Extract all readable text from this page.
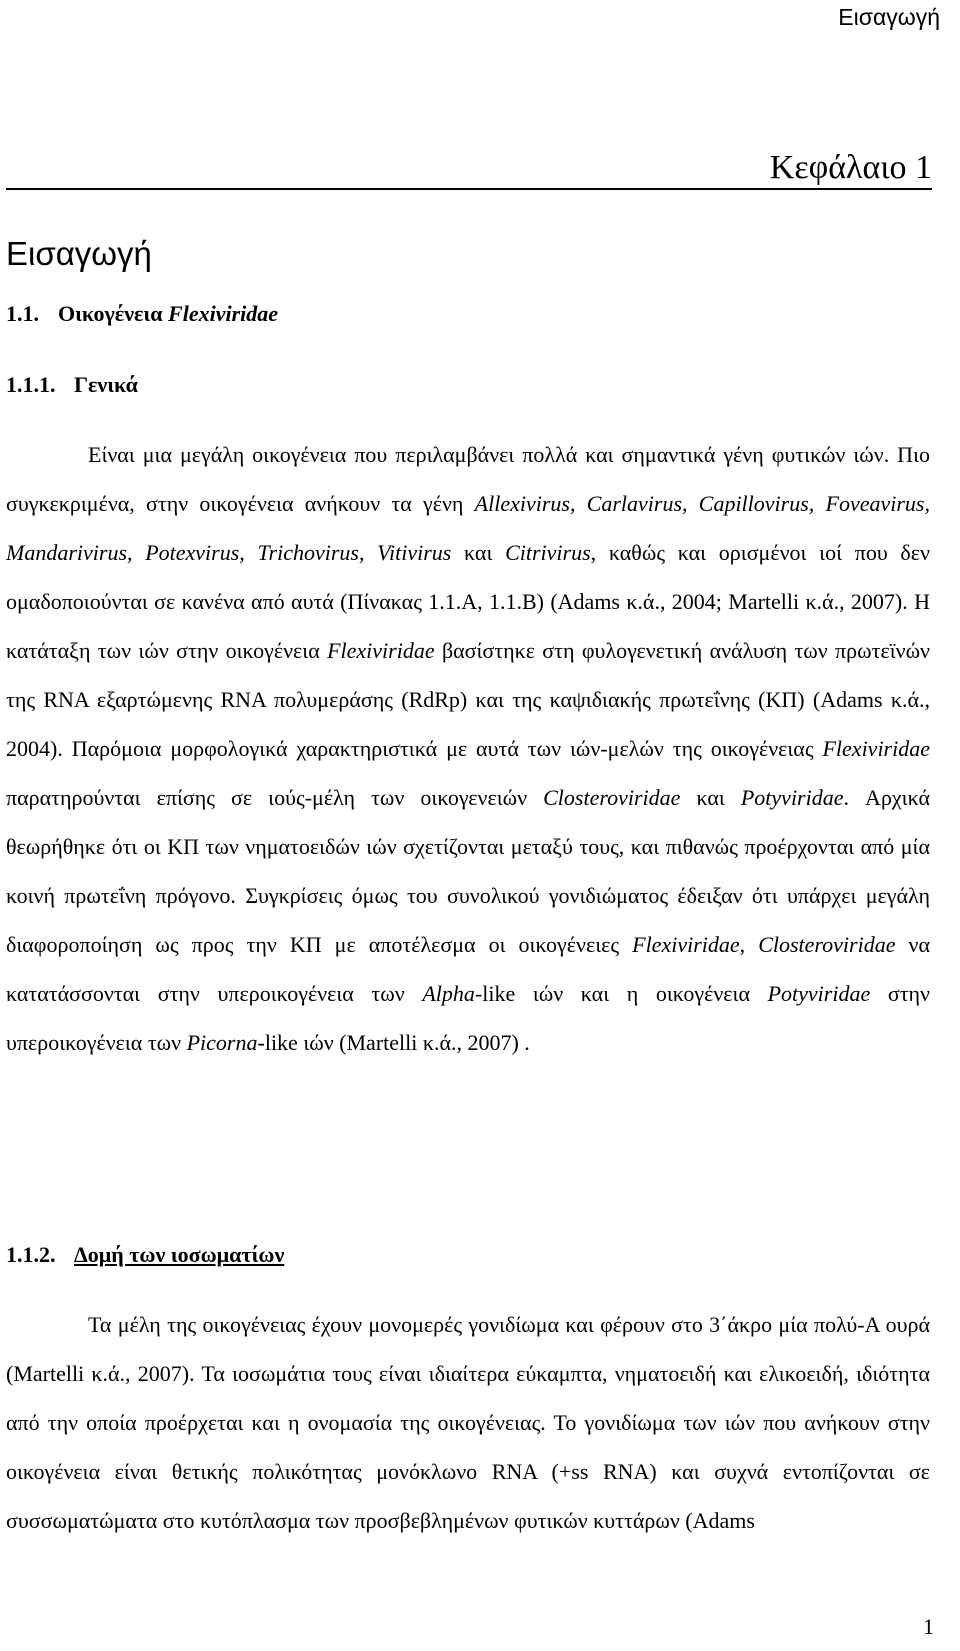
Εισαγωγή
Κεφάλαιο 1
Εισαγωγή
1.1. Οικογένεια Flexiviridae
1.1.1. Γενικά

Είναι μια μεγάλη οικογένεια που περιλαμβάνει πολλά και σημαντικά γένη φυτικών ιών. Πιο συγκεκριμένα, στην οικογένεια ανήκουν τα γένη Allexivirus, Carlavirus, Capillovirus, Foveavirus, Mandarivirus, Potexvirus, Trichovirus, Vitivirus και Citrivirus, καθώς και ορισμένοι ιοί που δεν ομαδοποιούνται σε κανένα από αυτά (Πίνακας 1.1.Α, 1.1.Β) (Adams κ.ά., 2004; Martelli κ.ά., 2007). Η κατάταξη των ιών στην οικογένεια Flexiviridae βασίστηκε στη φυλογενετική ανάλυση των πρωτεϊνών της RNA εξαρτώμενης RNA πολυμεράσης (RdRp) και της καψιδιακής πρωτεΐνης (ΚΠ) (Adams κ.ά., 2004). Παρόμοια μορφολογικά χαρακτηριστικά με αυτά των ιών-μελών της οικογένειας Flexiviridae παρατηρούνται επίσης σε ιούς-μέλη των οικογενειών Closteroviridae και Potyviridae. Αρχικά θεωρήθηκε ότι οι ΚΠ των νηματοειδών ιών σχετίζονται μεταξύ τους, και πιθανώς προέρχονται από μία κοινή πρωτεΐνη πρόγονο. Συγκρίσεις όμως του συνολικού γονιδιώματος έδειξαν ότι υπάρχει μεγάλη διαφοροποίηση ως προς την ΚΠ με αποτέλεσμα οι οικογένειες Flexiviridae, Closteroviridae να κατατάσσονται στην υπεροικογένεια των Alpha-like ιών και η οικογένεια Potyviridae στην υπεροικογένεια των Picorna-like ιών (Martelli κ.ά., 2007) .

1.1.2. Δομή των ιοσωματίων

Τα μέλη της οικογένειας έχουν μονομερές γονιδίωμα και φέρουν στο 3΄άκρο μία πολύ-Α ουρά (Martelli κ.ά., 2007). Τα ιοσωμάτια τους είναι ιδιαίτερα εύκαμπτα, νηματοειδή και ελικοειδή, ιδιότητα από την οποία προέρχεται και η ονομασία της οικογένειας. Το γονιδίωμα των ιών που ανήκουν στην οικογένεια είναι θετικής πολικότητας μονόκλωνο RNA (+ss RNA) και συχνά εντοπίζονται σε συσσωματώματα στο κυτόπλασμα των προσβεβλημένων φυτικών κυττάρων (Adams

1
